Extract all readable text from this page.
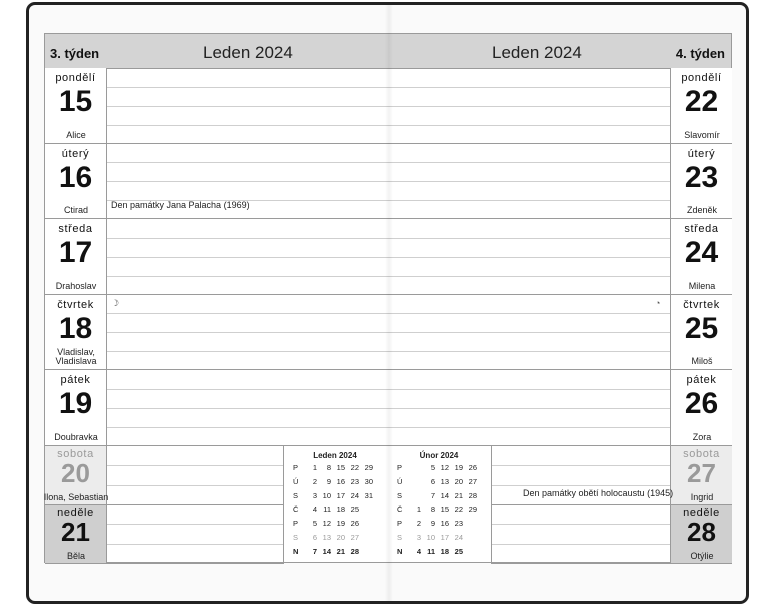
3. týden	Leden 2024	Leden 2024	4. týden
pondělí
15
Alice
pondělí
22
Slavomír
úterý
16
Ctirad
úterý
23
Zdeněk
středa
17
Drahoslav
středa
24
Milena
čtvrtek
18
Vladislav, Vladislava
čtvrtek
25
Miloš
pátek
19
Doubravka
pátek
26
Zora
sobota
20
Ilona, Sebastian
sobota
27
Ingrid
neděle
21
Běla
neděle
28
Otýlie
Den památky Jana Palacha (1969)
Den památky obětí holocaustu (1945)
☽	◔
Leden 2024
P 1 8 15 22 29
Ú 2 9 16 23 30
S 3 10 17 24 31
Č 4 11 18 25
P 5 12 19 26
S 6 13 20 27
N 7 14 21 28
Únor 2024
P	5 12 19 26
Ú	6 13 20 27
S	7 14 21 28
Č 1 8 15 22 29
P 2 9 16 23
S 3 10 17 24
N 4 11 18 25
